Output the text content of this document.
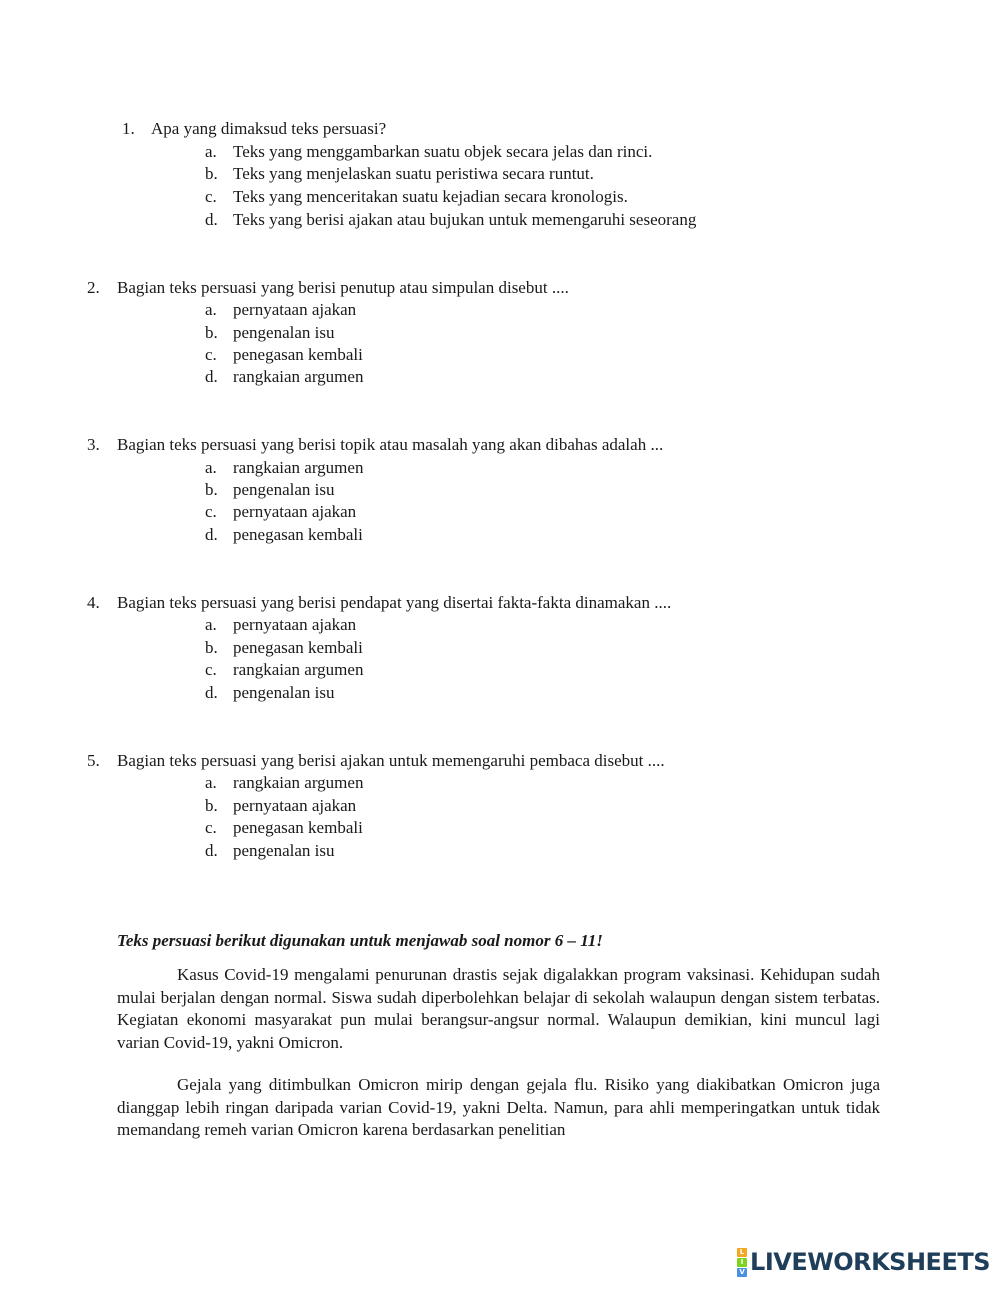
1. Apa yang dimaksud teks persuasi?
a. Teks yang menggambarkan suatu objek secara jelas dan rinci.
b. Teks yang menjelaskan suatu peristiwa secara runtut.
c. Teks yang menceritakan suatu kejadian secara kronologis.
d. Teks yang berisi ajakan atau bujukan untuk memengaruhi seseorang
2. Bagian teks persuasi yang berisi penutup atau simpulan disebut ....
a. pernyataan ajakan
b. pengenalan isu
c. penegasan kembali
d. rangkaian argumen
3. Bagian teks persuasi yang berisi topik atau masalah yang akan dibahas adalah ...
a. rangkaian argumen
b. pengenalan isu
c. pernyataan ajakan
d. penegasan kembali
4. Bagian teks persuasi yang berisi pendapat yang disertai fakta-fakta dinamakan ....
a. pernyataan ajakan
b. penegasan kembali
c. rangkaian argumen
d. pengenalan isu
5. Bagian teks persuasi yang berisi ajakan untuk memengaruhi pembaca disebut ....
a. rangkaian argumen
b. pernyataan ajakan
c. penegasan kembali
d. pengenalan isu
Teks persuasi berikut digunakan untuk menjawab soal nomor 6 – 11!

Kasus Covid-19 mengalami penurunan drastis sejak digalakkan program vaksinasi. Kehidupan sudah mulai berjalan dengan normal. Siswa sudah diperbolehkan belajar di sekolah walaupun dengan sistem terbatas. Kegiatan ekonomi masyarakat pun mulai berangsur-angsur normal. Walaupun demikian, kini muncul lagi varian Covid-19, yakni Omicron.

Gejala yang ditimbulkan Omicron mirip dengan gejala flu. Risiko yang diakibatkan Omicron juga dianggap lebih ringan daripada varian Covid-19, yakni Delta. Namun, para ahli memperingatkan untuk tidak memandang remeh varian Omicron karena berdasarkan penelitian

L
I
V LIVEWORKSHEETS
